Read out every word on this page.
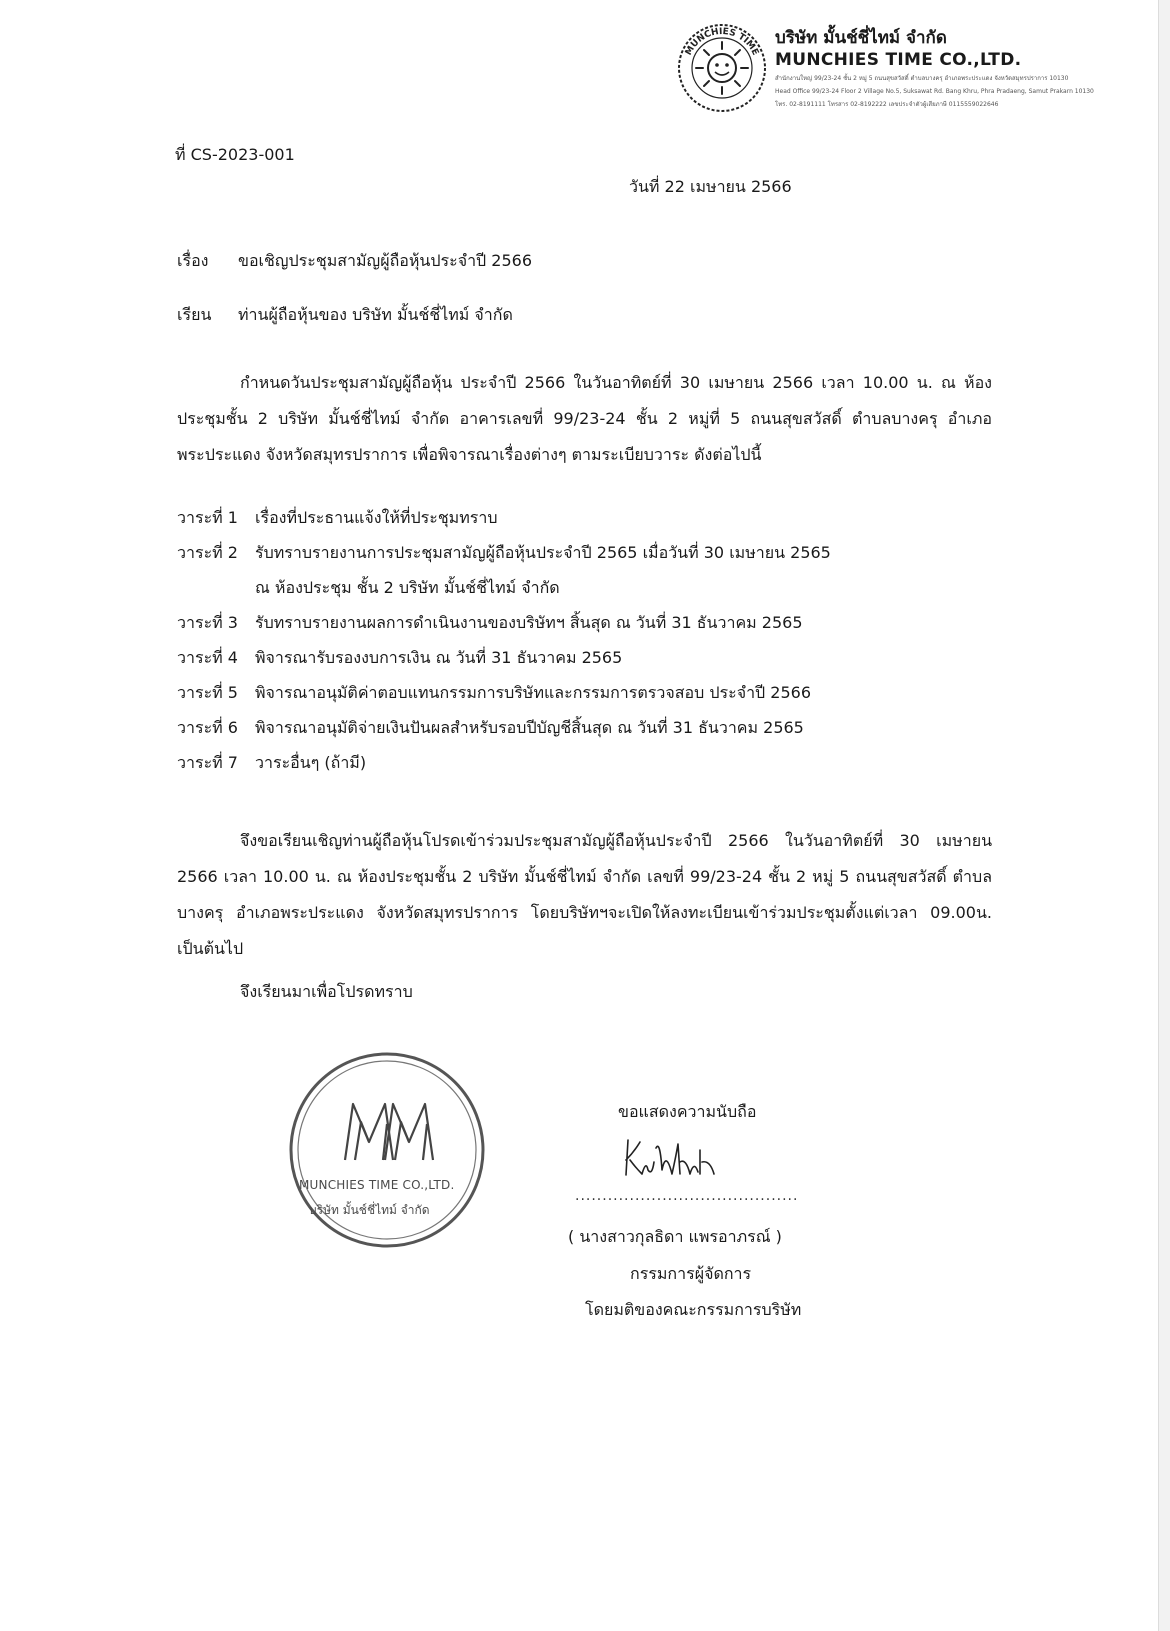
MUNCHIES TIME
บริษัท มั้นช์ชี่ไทม์ จำกัด
MUNCHIES TIME CO.,LTD.
สำนักงานใหญ่ 99/23-24 ชั้น 2 หมู่ 5 ถนนสุขสวัสดิ์ ตำบลบางครุ อำเภอพระประแดง จังหวัดสมุทรปราการ 10130
Head Office 99/23-24 Floor 2 Village No.5, Suksawat Rd. Bang Khru, Phra Pradaeng, Samut Prakarn 10130
โทร. 02-8191111 โทรสาร 02-8192222 เลขประจำตัวผู้เสียภาษี 0115559022646
ที่ CS-2023-001
วันที่ 22 เมษายน 2566
เรื่อง ขอเชิญประชุมสามัญผู้ถือหุ้นประจำปี 2566
เรียน ท่านผู้ถือหุ้นของ บริษัท มั้นช์ชี่ไทม์ จำกัด
กำหนดวันประชุมสามัญผู้ถือหุ้น ประจำปี 2566 ในวันอาทิตย์ที่ 30 เมษายน 2566 เวลา 10.00 น. ณ ห้องประชุมชั้น 2 บริษัท มั้นช์ชี่ไทม์ จำกัด อาคารเลขที่ 99/23-24 ชั้น 2 หมู่ที่ 5 ถนนสุขสวัสดิ์ ตำบลบางครุ อำเภอพระประแดง จังหวัดสมุทรปราการ เพื่อพิจารณาเรื่องต่างๆ ตามระเบียบวาระ ดังต่อไปนี้
วาระที่ 1 เรื่องที่ประธานแจ้งให้ที่ประชุมทราบ
วาระที่ 2 รับทราบรายงานการประชุมสามัญผู้ถือหุ้นประจำปี 2565 เมื่อวันที่ 30 เมษายน 2565
ณ ห้องประชุม ชั้น 2 บริษัท มั้นช์ชี่ไทม์ จำกัด
วาระที่ 3 รับทราบรายงานผลการดำเนินงานของบริษัทฯ สิ้นสุด ณ วันที่ 31 ธันวาคม 2565
วาระที่ 4 พิจารณารับรองงบการเงิน ณ วันที่ 31 ธันวาคม 2565
วาระที่ 5 พิจารณาอนุมัติค่าตอบแทนกรรมการบริษัทและกรรมการตรวจสอบ ประจำปี 2566
วาระที่ 6 พิจารณาอนุมัติจ่ายเงินปันผลสำหรับรอบปีบัญชีสิ้นสุด ณ วันที่ 31 ธันวาคม 2565
วาระที่ 7 วาระอื่นๆ (ถ้ามี)
จึงขอเรียนเชิญท่านผู้ถือหุ้นโปรดเข้าร่วมประชุมสามัญผู้ถือหุ้นประจำปี 2566 ในวันอาทิตย์ที่ 30 เมษายน 2566 เวลา 10.00 น. ณ ห้องประชุมชั้น 2 บริษัท มั้นช์ชี่ไทม์ จำกัด เลขที่ 99/23-24 ชั้น 2 หมู่ 5 ถนนสุขสวัสดิ์ ตำบลบางครุ อำเภอพระประแดง จังหวัดสมุทรปราการ โดยบริษัทฯจะเปิดให้ลงทะเบียนเข้าร่วมประชุมตั้งแต่เวลา 09.00น. เป็นต้นไป
จึงเรียนมาเพื่อโปรดทราบ
MUNCHIES TIME CO.,LTD.
บริษัท มั้นช์ชี่ไทม์ จำกัด
ขอแสดงความนับถือ
.........................................
( นางสาวกุลธิดา แพรอาภรณ์ )
กรรมการผู้จัดการ
โดยมติของคณะกรรมการบริษัท
